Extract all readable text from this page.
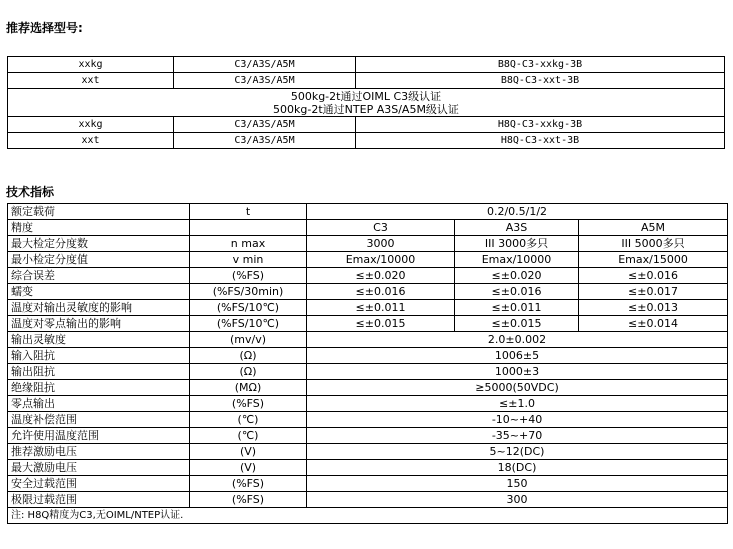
推荐选择型号:
xxkg	C3/A3S/A5M	B8Q-C3-xxkg-3B
xxt	C3/A3S/A5M	B8Q-C3-xxt-3B

500kg-2t通过OIML C3级认证
500kg-2t通过NTEP A3S/A5M级认证		

xxkg	C3/A3S/A5M	H8Q-C3-xxkg-3B
xxt	C3/A3S/A5M	H8Q-C3-xxt-3B
技术指标
额定载荷	t	0.2/0.5/1/2		
精度		C3	A3S	A5M
最大检定分度数	n max	3000	III 3000多只	III 5000多只
最小检定分度值	v min	Emax/10000	Emax/10000	Emax/15000
综合误差	(%FS)	≤±0.020	≤±0.020	≤±0.016
蠕变	(%FS/30min)	≤±0.016	≤±0.016	≤±0.017
温度对输出灵敏度的影响	(%FS/10℃)	≤±0.011	≤±0.011	≤±0.013
温度对零点输出的影响	(%FS/10℃)	≤±0.015	≤±0.015	≤±0.014
输出灵敏度	(mv/v)	2.0±0.002		
输入阻抗	(Ω)	1006±5		
输出阻抗	(Ω)	1000±3		
绝缘阻抗	(MΩ)	≥5000(50VDC)		
零点输出	(%FS)	≤±1.0		
温度补偿范围	(℃)	-10~+40		
允许使用温度范围	(℃)	-35~+70		
推荐激励电压	(V)	5~12(DC)		
最大激励电压	(V)	18(DC)		
安全过载范围	(%FS)	150		
极限过载范围	(%FS)	300		
注: H8Q精度为C3,无OIML/NTEP认证.				
